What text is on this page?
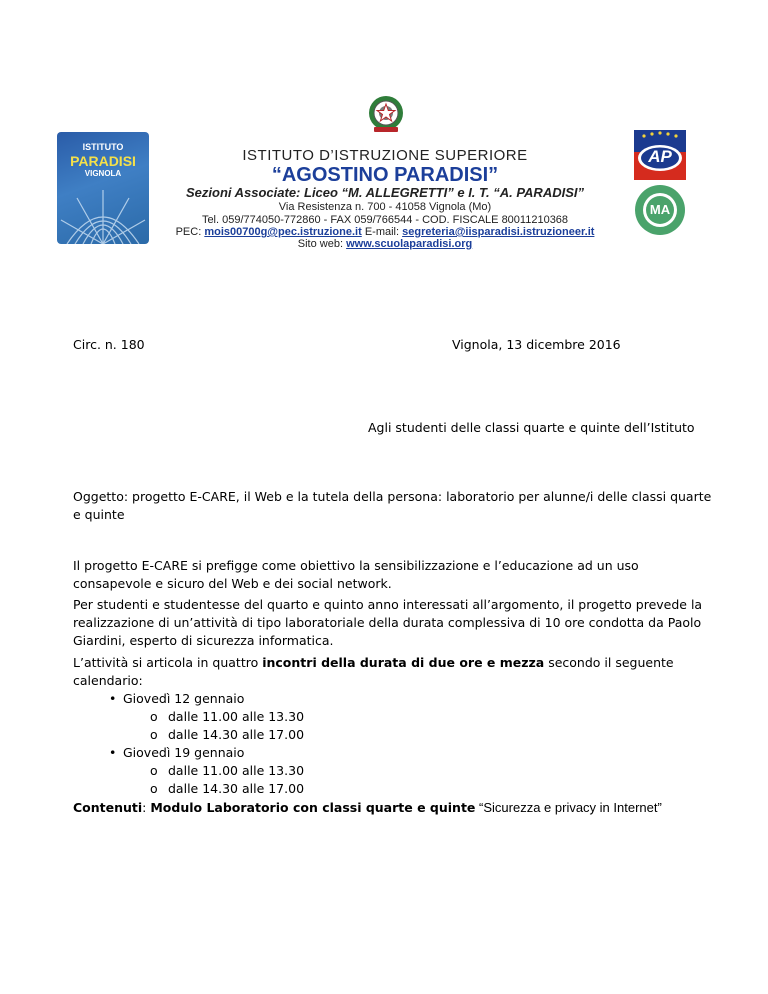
ISTITUTO
PARADISI
VIGNOLA
AP
MA
ISTITUTO D’ISTRUZIONE SUPERIORE
“AGOSTINO PARADISI”
Sezioni Associate: Liceo “M. ALLEGRETTI” e I. T. “A. PARADISI”
Via Resistenza n. 700 - 41058 Vignola (Mo)
Tel. 059/774050-772860 - FAX 059/766544 - COD. FISCALE 80011210368
PEC: mois00700g@pec.istruzione.it E-mail: segreteria@iisparadisi.istruzioneer.it
Sito web: www.scuolaparadisi.org
Circ. n. 180	Vignola, 13 dicembre 2016
Agli studenti delle classi quarte e quinte dell’Istituto
Oggetto: progetto E-CARE, il Web e la tutela della persona: laboratorio per alunne/i delle classi quarte e quinte
Il progetto E-CARE si prefigge come obiettivo la sensibilizzazione e l’educazione ad un uso consapevole e sicuro del Web e dei social network.
Per studenti e studentesse del quarto e quinto anno interessati all’argomento, il progetto prevede la realizzazione di un’attività di tipo laboratoriale della durata complessiva di 10 ore condotta da Paolo Giardini, esperto di sicurezza informatica.
L’attività si articola in quattro incontri della durata di due ore e mezza secondo il seguente calendario:
• Giovedì 12 gennaio
o dalle 11.00 alle 13.30
o dalle 14.30 alle 17.00
• Giovedì 19 gennaio
o dalle 11.00 alle 13.30
o dalle 14.30 alle 17.00
Contenuti: Modulo Laboratorio con classi quarte e quinte “Sicurezza e privacy in Internet”
